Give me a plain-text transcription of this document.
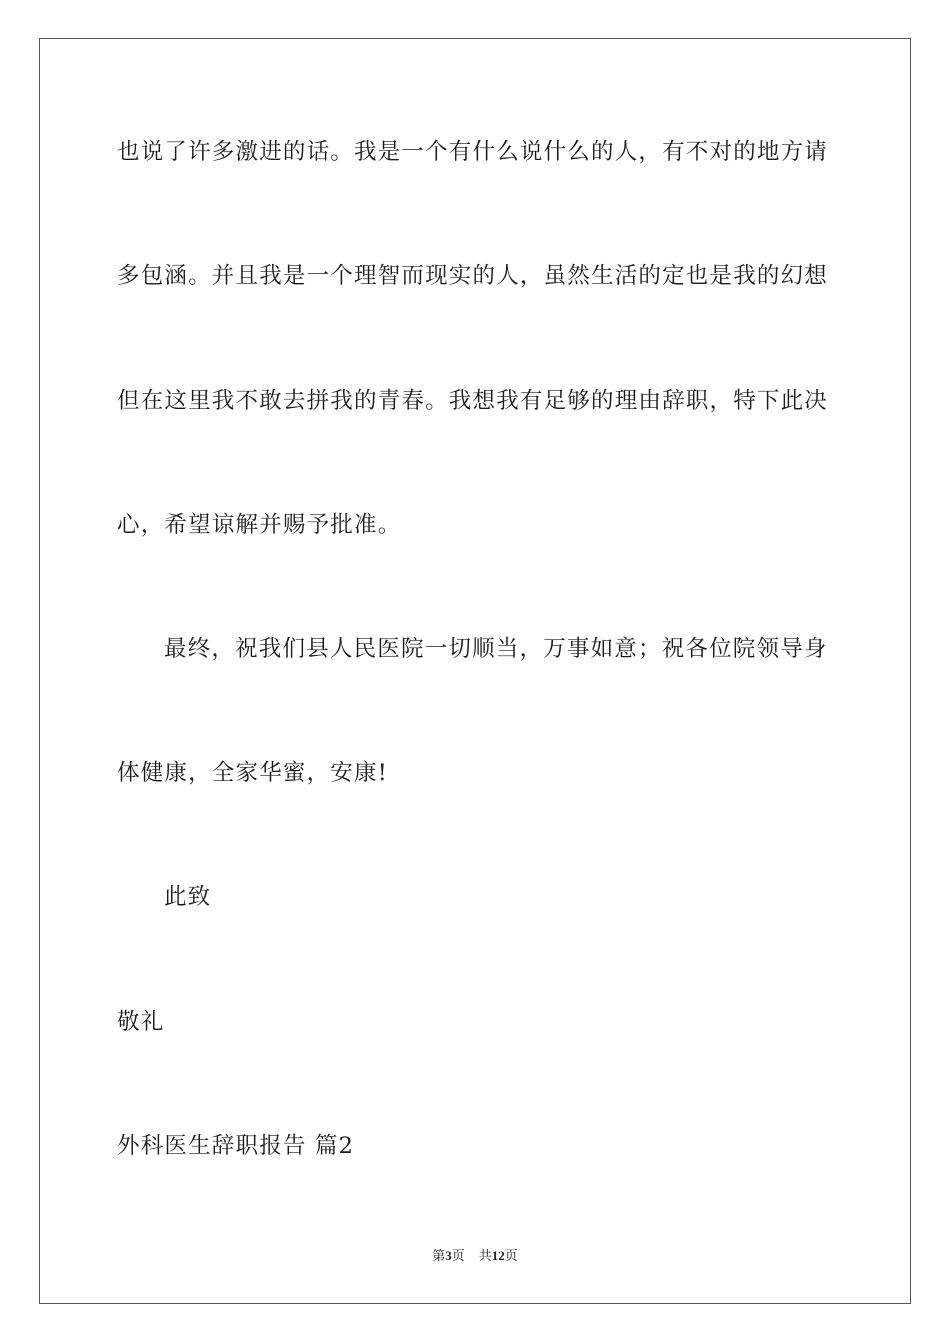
也说了许多激进的话。我是一个有什么说什么的人，有不对的地方请
多包涵。并且我是一个理智而现实的人，虽然生活的定也是我的幻想
但在这里我不敢去拼我的青春。我想我有足够的理由辞职，特下此决
心，希望谅解并赐予批准。
最终，祝我们县人民医院一切顺当，万事如意；祝各位院领导身
体健康，全家华蜜，安康!
此致
敬礼
外科医生辞职报告 篇2
第3页 共12页
